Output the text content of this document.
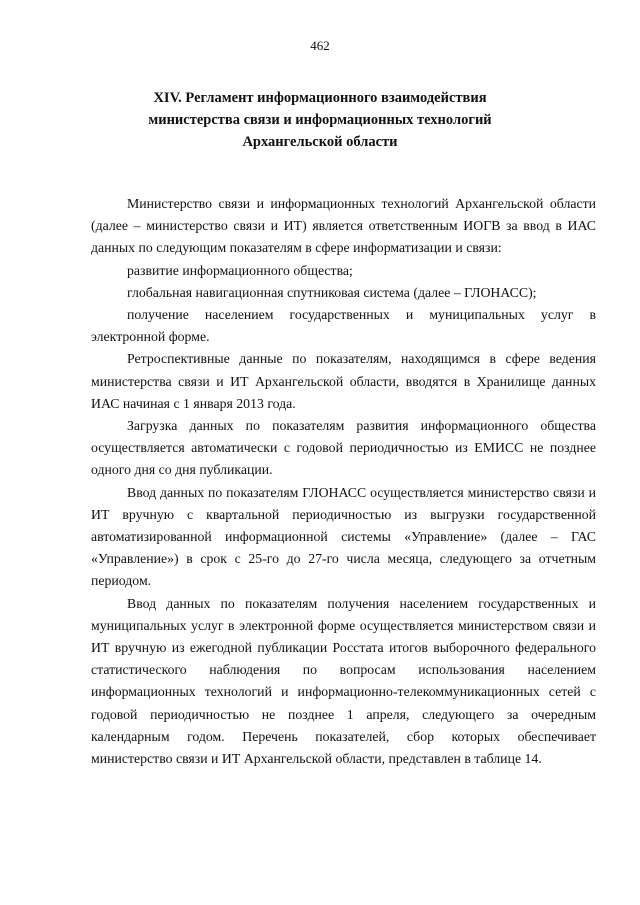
462
XIV. Регламент информационного взаимодействия
министерства связи и информационных технологий
Архангельской области

Министерство связи и информационных технологий Архангельской области (далее – министерство связи и ИТ) является ответственным ИОГВ за ввод в ИАС данных по следующим показателям в сфере информатизации и связи:

развитие информационного общества;

глобальная навигационная спутниковая система (далее – ГЛОНАСС);

получение населением государственных и муниципальных услуг в электронной форме.

Ретроспективные данные по показателям, находящимся в сфере ведения министерства связи и ИТ Архангельской области, вводятся в Хранилище данных ИАС начиная с 1 января 2013 года.

Загрузка данных по показателям развития информационного общества осуществляется автоматически с годовой периодичностью из ЕМИСС не позднее одного дня со дня публикации.

Ввод данных по показателям ГЛОНАСС осуществляется министерство связи и ИТ вручную с квартальной периодичностью из выгрузки государственной автоматизированной информационной системы «Управление» (далее – ГАС «Управление») в срок с 25-го до 27-го числа месяца, следующего за отчетным периодом.

Ввод данных по показателям получения населением государственных и муниципальных услуг в электронной форме осуществляется министерством связи и ИТ вручную из ежегодной публикации Росстата итогов выборочного федерального статистического наблюдения по вопросам использования населением информационных технологий и информационно-телекоммуникационных сетей с годовой периодичностью не позднее 1 апреля, следующего за очередным календарным годом. Перечень показателей, сбор которых обеспечивает министерство связи и ИТ Архангельской области, представлен в таблице 14.
